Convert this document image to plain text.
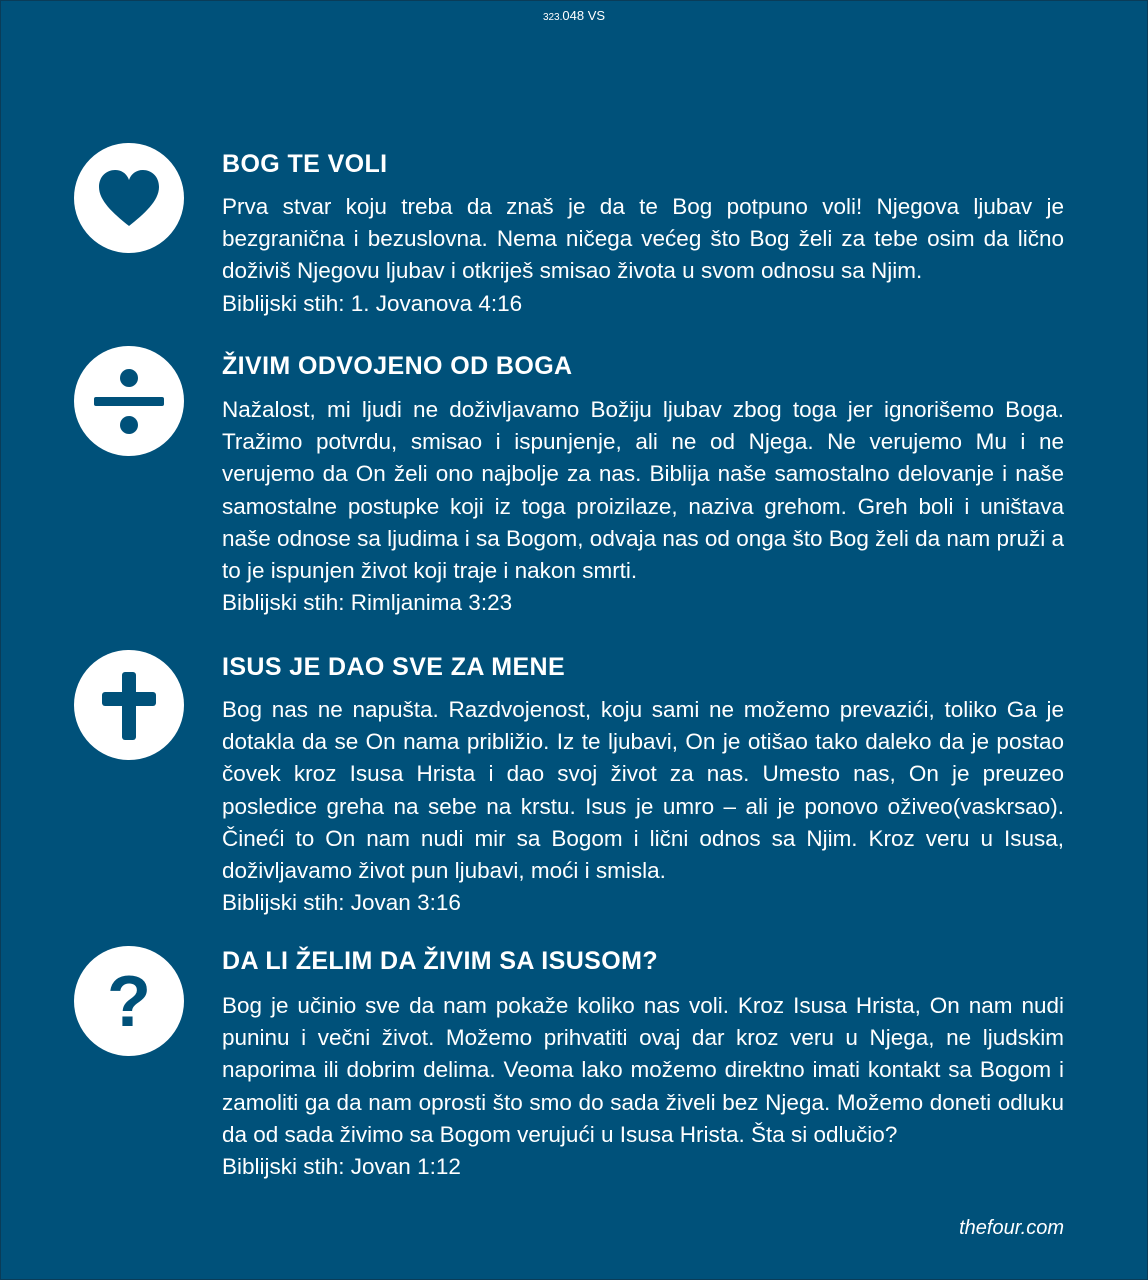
323.048 VS
BOG TE VOLI

Prva stvar koju treba da znaš je da te Bog potpuno voli! Njegova ljubav je bezgranična i bezuslovna. Nema ničega većeg što Bog želi za tebe osim da lično doživiš Njegovu ljubav i otkriješ smisao života u svom odnosu sa Njim.
Biblijski stih: 1. Jovanova 4:16

ŽIVIM ODVOJENO OD BOGA

Nažalost, mi ljudi ne doživljavamo Božiju ljubav zbog toga jer ignorišemo Boga. Tražimo potvrdu, smisao i ispunjenje, ali ne od Njega. Ne verujemo Mu i ne verujemo da On želi ono najbolje za nas. Biblija naše samostalno delovanje i naše samostalne postupke koji iz toga proizilaze, naziva grehom. Greh boli i uništava naše odnose sa ljudima i sa Bogom, odvaja nas od onga što Bog želi da nam pruži a to je ispunjen život koji traje i nakon smrti.
Biblijski stih: Rimljanima 3:23

ISUS JE DAO SVE ZA MENE

Bog nas ne napušta. Razdvojenost, koju sami ne možemo prevazići, toliko Ga je dotakla da se On nama približio. Iz te ljubavi, On je otišao tako daleko da je postao čovek kroz Isusa Hrista i dao svoj život za nas. Umesto nas, On je preuzeo posledice greha na sebe na krstu. Isus je umro – ali je ponovo oživeo(vaskrsao). Čineći to On nam nudi mir sa Bogom i lični odnos sa Njim. Kroz veru u Isusa, doživljavamo život pun ljubavi, moći i smisla.
Biblijski stih: Jovan 3:16

?
DA LI ŽELIM DA ŽIVIM SA ISUSOM?

Bog je učinio sve da nam pokaže koliko nas voli. Kroz Isusa Hrista, On nam nudi puninu i večni život. Možemo prihvatiti ovaj dar kroz veru u Njega, ne ljudskim naporima ili dobrim delima. Veoma lako možemo direktno imati kontakt sa Bogom i zamoliti ga da nam oprosti što smo do sada živeli bez Njega. Možemo doneti odluku da od sada živimo sa Bogom verujući u Isusa Hrista. Šta si odlučio?
Biblijski stih: Jovan 1:12

thefour.com
